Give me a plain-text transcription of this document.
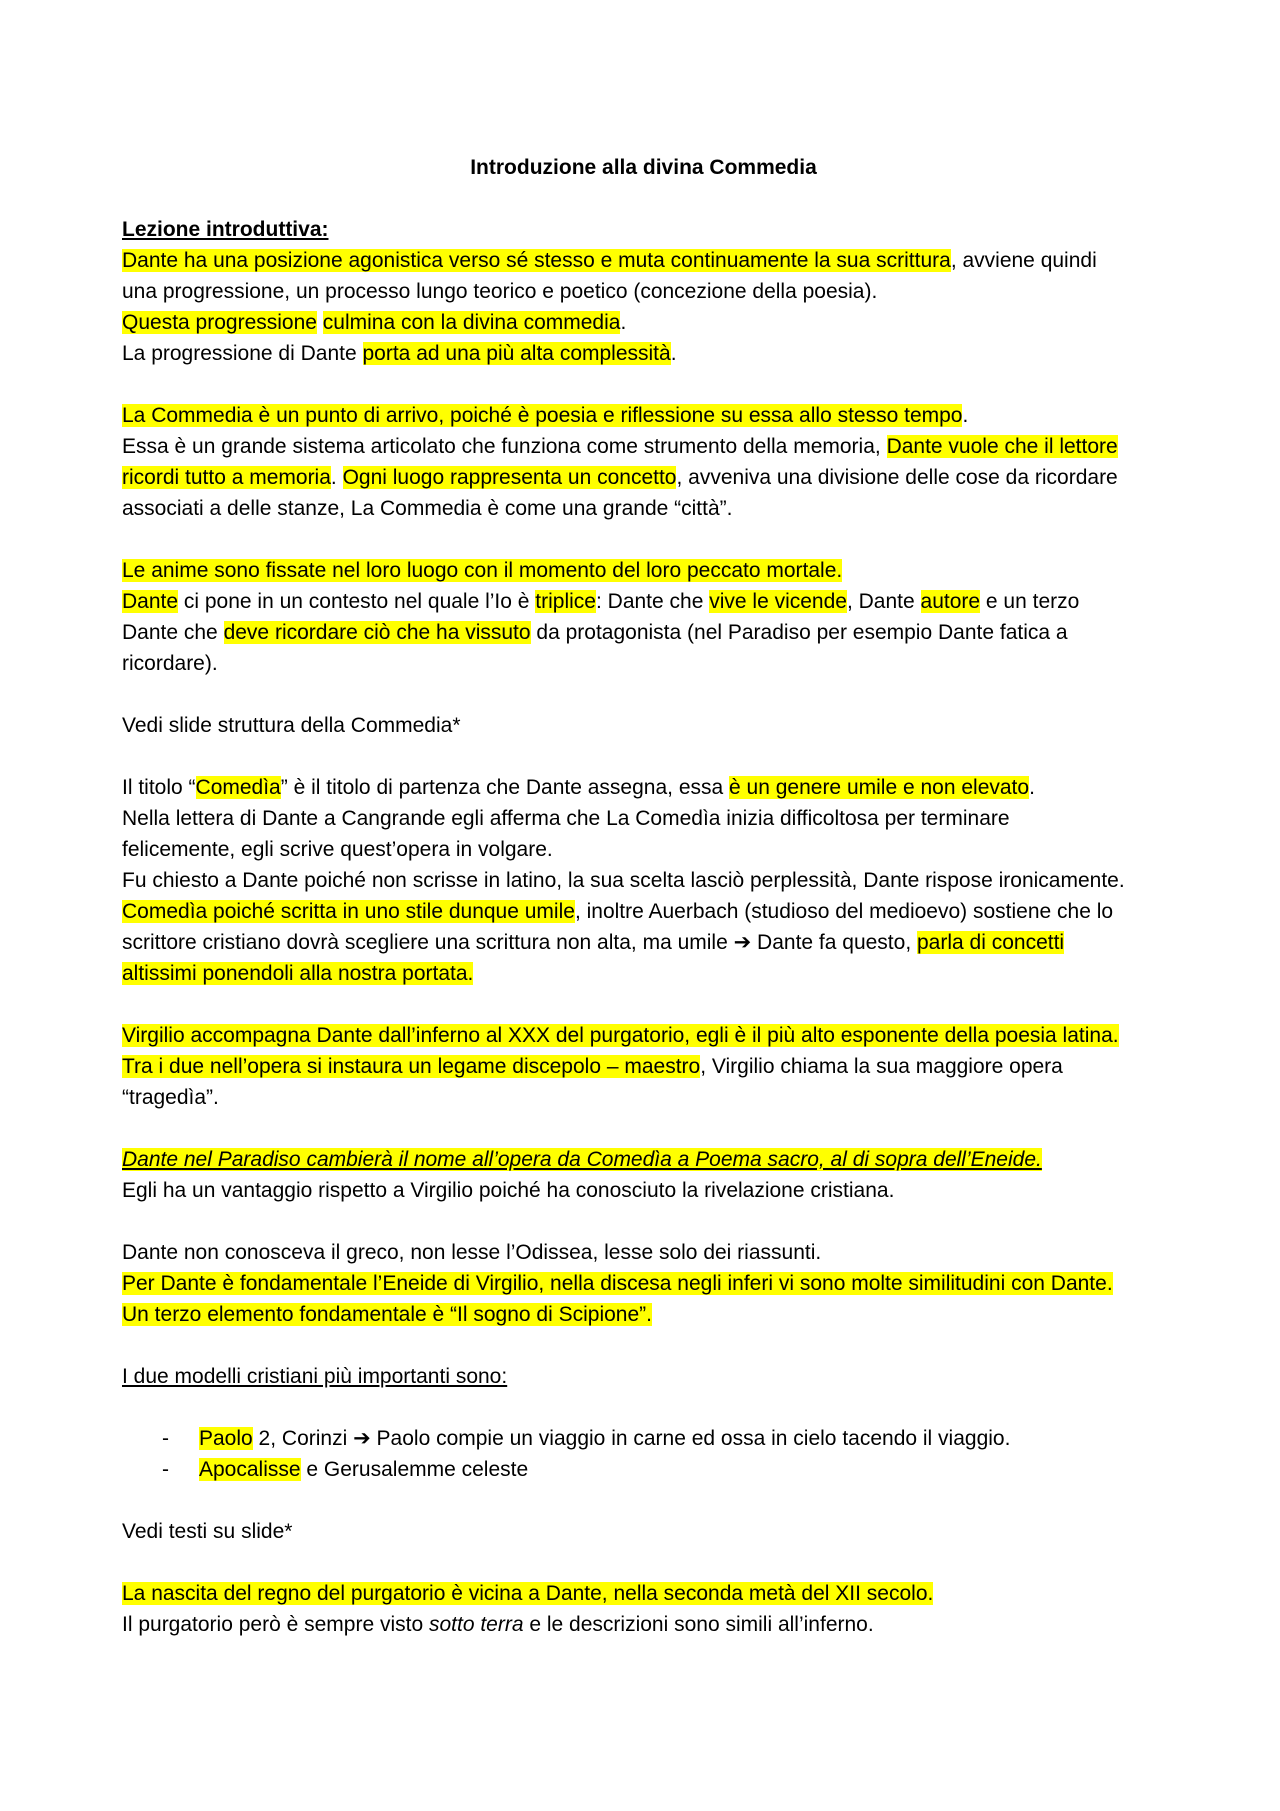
Introduzione alla divina Commedia
Lezione introduttiva:
Dante ha una posizione agonistica verso sé stesso e muta continuamente la sua scrittura, avviene quindi
una progressione, un processo lungo teorico e poetico (concezione della poesia).
Questa progressione culmina con la divina commedia.
La progressione di Dante porta ad una più alta complessità.
La Commedia è un punto di arrivo, poiché è poesia e riflessione su essa allo stesso tempo.
Essa è un grande sistema articolato che funziona come strumento della memoria, Dante vuole che il lettore
ricordi tutto a memoria. Ogni luogo rappresenta un concetto, avveniva una divisione delle cose da ricordare
associati a delle stanze, La Commedia è come una grande “città”.
Le anime sono fissate nel loro luogo con il momento del loro peccato mortale.
Dante ci pone in un contesto nel quale l’Io è triplice: Dante che vive le vicende, Dante autore e un terzo
Dante che deve ricordare ciò che ha vissuto da protagonista (nel Paradiso per esempio Dante fatica a
ricordare).
Vedi slide struttura della Commedia*
Il titolo “Comedìa” è il titolo di partenza che Dante assegna, essa è un genere umile e non elevato.
Nella lettera di Dante a Cangrande egli afferma che La Comedìa inizia difficoltosa per terminare
felicemente, egli scrive quest’opera in volgare.
Fu chiesto a Dante poiché non scrisse in latino, la sua scelta lasciò perplessità, Dante rispose ironicamente.
Comedìa poiché scritta in uno stile dunque umile, inoltre Auerbach (studioso del medioevo) sostiene che lo
scrittore cristiano dovrà scegliere una scrittura non alta, ma umile ➔ Dante fa questo, parla di concetti
altissimi ponendoli alla nostra portata.
Virgilio accompagna Dante dall’inferno al XXX del purgatorio, egli è il più alto esponente della poesia latina.
Tra i due nell’opera si instaura un legame discepolo – maestro, Virgilio chiama la sua maggiore opera
“tragedìa”.
Dante nel Paradiso cambierà il nome all’opera da Comedìa a Poema sacro, al di sopra dell’Eneide.
Egli ha un vantaggio rispetto a Virgilio poiché ha conosciuto la rivelazione cristiana.
Dante non conosceva il greco, non lesse l’Odissea, lesse solo dei riassunti.
Per Dante è fondamentale l’Eneide di Virgilio, nella discesa negli inferi vi sono molte similitudini con Dante.
Un terzo elemento fondamentale è “Il sogno di Scipione”.
I due modelli cristiani più importanti sono:
- Paolo 2, Corinzi ➔ Paolo compie un viaggio in carne ed ossa in cielo tacendo il viaggio.
- Apocalisse e Gerusalemme celeste
Vedi testi su slide*
La nascita del regno del purgatorio è vicina a Dante, nella seconda metà del XII secolo.
Il purgatorio però è sempre visto sotto terra e le descrizioni sono simili all’inferno.
